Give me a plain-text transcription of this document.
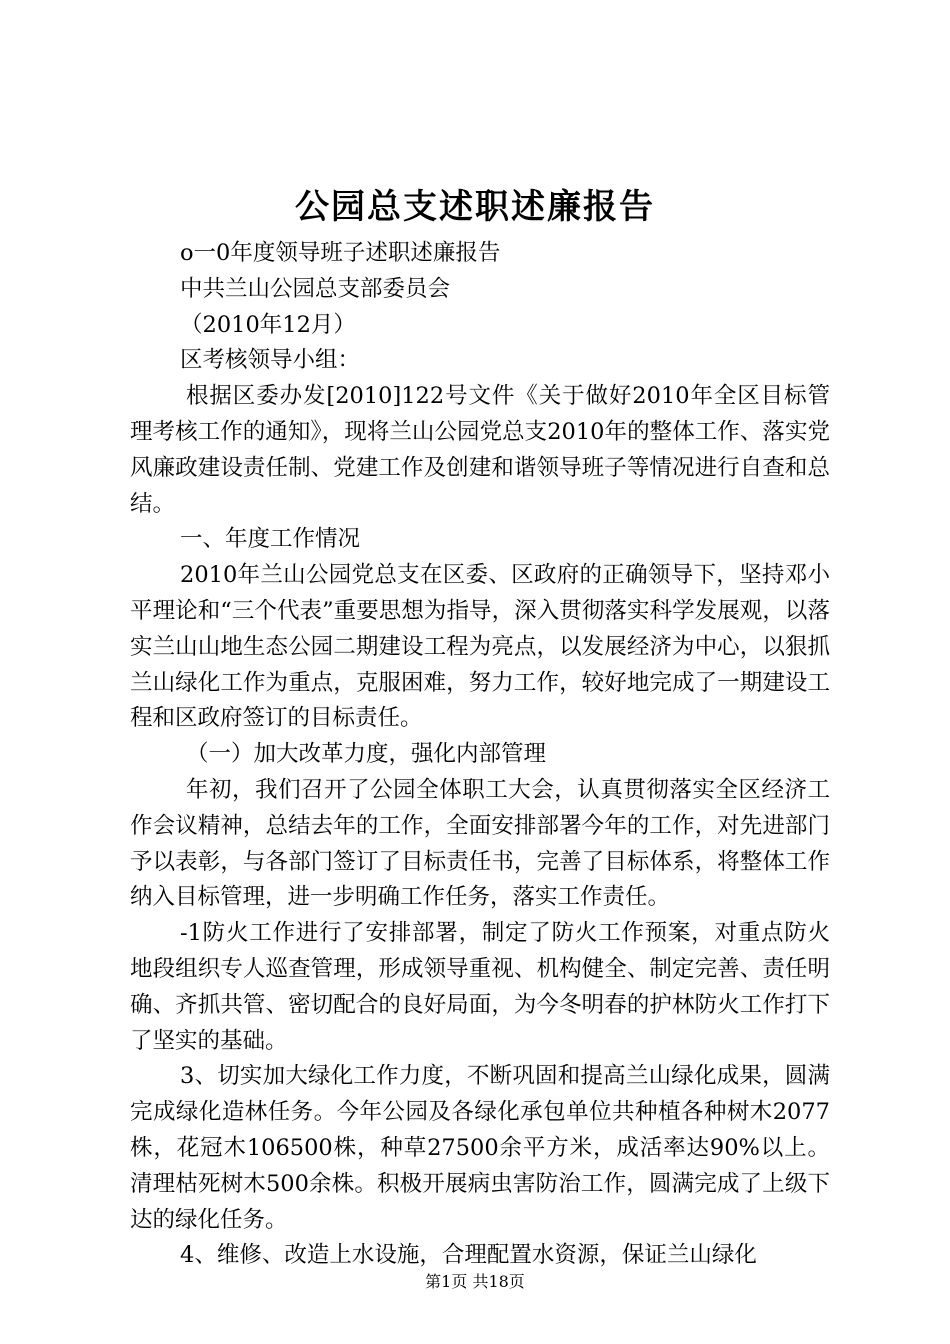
公园总支述职述廉报告

o一0年度领导班子述职述廉报告

中共兰山公园总支部委员会

（2010年12月）

区考核领导小组：

根据区委办发[2010]122号文件《关于做好2010年全区目标管理考核工作的通知》，现将兰山公园党总支2010年的整体工作、落实党风廉政建设责任制、党建工作及创建和谐领导班子等情况进行自查和总结。

一、年度工作情况

2010年兰山公园党总支在区委、区政府的正确领导下，坚持邓小平理论和“三个代表”重要思想为指导，深入贯彻落实科学发展观，以落实兰山山地生态公园二期建设工程为亮点，以发展经济为中心，以狠抓兰山绿化工作为重点，克服困难，努力工作，较好地完成了一期建设工程和区政府签订的目标责任。

（一）加大改革力度，强化内部管理

年初，我们召开了公园全体职工大会，认真贯彻落实全区经济工作会议精神，总结去年的工作，全面安排部署今年的工作，对先进部门予以表彰，与各部门签订了目标责任书，完善了目标体系，将整体工作纳入目标管理，进一步明确工作任务，落实工作责任。

-1防火工作进行了安排部署，制定了防火工作预案，对重点防火地段组织专人巡查管理，形成领导重视、机构健全、制定完善、责任明确、齐抓共管、密切配合的良好局面，为今冬明春的护林防火工作打下了坚实的基础。

3、切实加大绿化工作力度，不断巩固和提高兰山绿化成果，圆满完成绿化造林任务。今年公园及各绿化承包单位共种植各种树木2077株，花冠木106500株，种草27500余平方米，成活率达90%以上。清理枯死树木500余株。积极开展病虫害防治工作，圆满完成了上级下达的绿化任务。

4、维修、改造上水设施，合理配置水资源，保证兰山绿化

第1页 共18页
